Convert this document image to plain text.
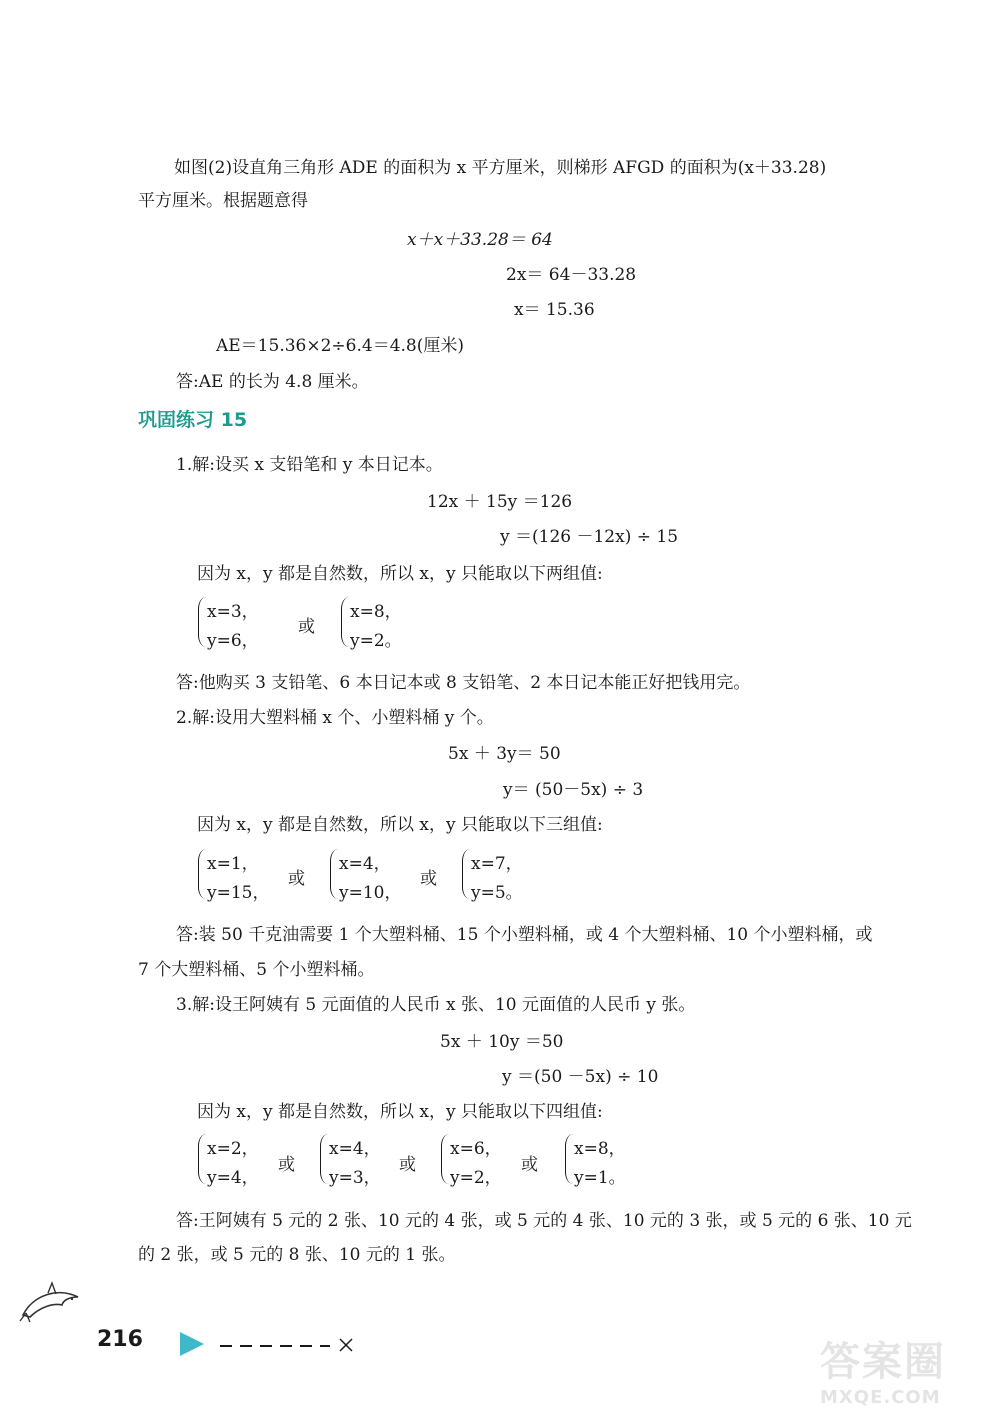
如图(2)设直角三角形 ADE 的面积为 x 平方厘米，则梯形 AFGD 的面积为(x＋33.28)
平方厘米。根据题意得
x＋x＋33.28＝ 64
2x＝ 64－33.28
x＝ 15.36
AE＝15.36×2÷6.4＝4.8(厘米)
答:AE 的长为 4.8 厘米。
巩固练习 15
1.解:设买 x 支铅笔和 y 本日记本。
12x ＋ 15y ＝126
y ＝(126 －12x) ÷ 15
因为 x，y 都是自然数，所以 x，y 只能取以下两组值:
x=3，
y=6，
或
x=8，
y=2。
答:他购买 3 支铅笔、6 本日记本或 8 支铅笔、2 本日记本能正好把钱用完。
2.解:设用大塑料桶 x 个、小塑料桶 y 个。
5x ＋ 3y＝ 50
y＝ (50－5x) ÷ 3
因为 x，y 都是自然数，所以 x，y 只能取以下三组值:
x=1，
y=15，
或
x=4，
y=10，
或
x=7，
y=5。
答:装 50 千克油需要 1 个大塑料桶、15 个小塑料桶，或 4 个大塑料桶、10 个小塑料桶，或
7 个大塑料桶、5 个小塑料桶。
3.解:设王阿姨有 5 元面值的人民币 x 张、10 元面值的人民币 y 张。
5x ＋ 10y ＝50
y ＝(50 －5x) ÷ 10
因为 x，y 都是自然数，所以 x，y 只能取以下四组值:
x=2，
y=4，
或
x=4，
y=3，
或
x=6，
y=2，
或
x=8，
y=1。
答:王阿姨有 5 元的 2 张、10 元的 4 张，或 5 元的 4 张、10 元的 3 张，或 5 元的 6 张、10 元
的 2 张，或 5 元的 8 张、10 元的 1 张。
216	答案圈
MXQE.COM
